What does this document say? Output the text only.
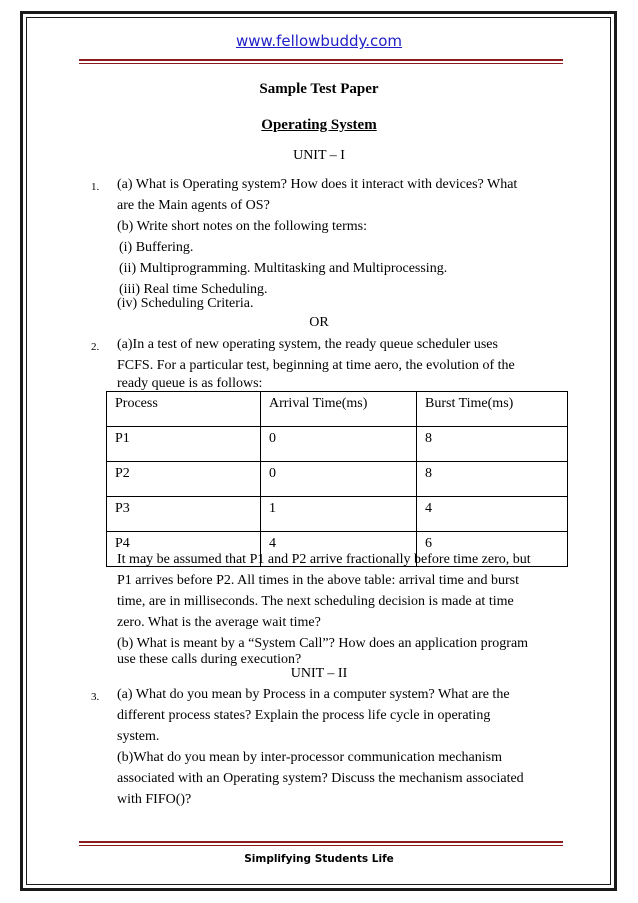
www.fellowbuddy.com
Sample Test Paper
Operating System
UNIT – I
1. (a) What is Operating system? How does it interact with devices? What
are the Main agents of OS?
(b) Write short notes on the following terms:
(i) Buffering.
(ii) Multiprogramming. Multitasking and Multiprocessing.
(iii) Real time Scheduling.
(iv) Scheduling Criteria.
OR
2. (a)In a test of new operating system, the ready queue scheduler uses
FCFS. For a particular test, beginning at time aero, the evolution of the
ready queue is as follows:
Process	Arrival Time(ms)	Burst Time(ms)
P1	0	8
P2	0	8
P3	1	4
P4	4	6
It may be assumed that P1 and P2 arrive fractionally before time zero, but
P1 arrives before P2. All times in the above table: arrival time and burst
time, are in milliseconds. The next scheduling decision is made at time
zero. What is the average wait time?
(b) What is meant by a “System Call”? How does an application program
use these calls during execution?
UNIT – II
3. (a) What do you mean by Process in a computer system? What are the
different process states? Explain the process life cycle in operating
system.
(b)What do you mean by inter-processor communication mechanism
associated with an Operating system? Discuss the mechanism associated
with FIFO()?
Simplifying Students Life
